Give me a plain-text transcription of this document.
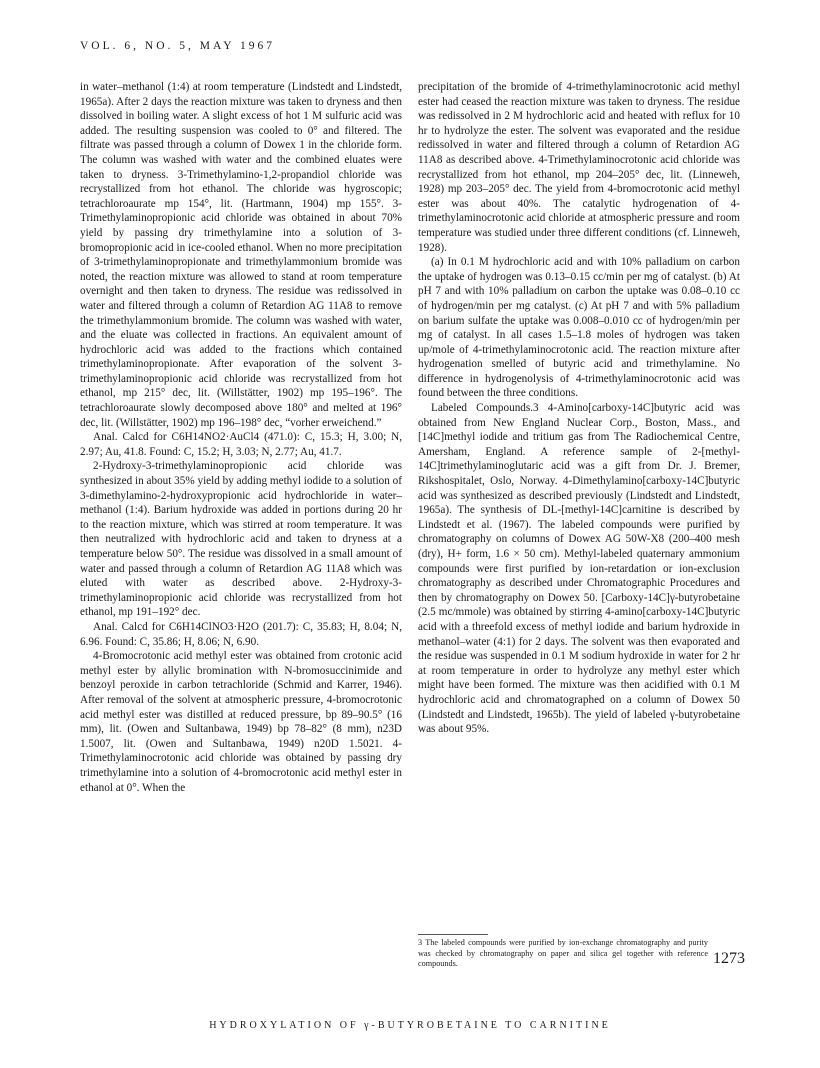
VOL. 6, NO. 5, MAY 1967

in water–methanol (1:4) at room temperature (Lindstedt and Lindstedt, 1965a). After 2 days the reaction mixture was taken to dryness and then dissolved in boiling water. A slight excess of hot 1 M sulfuric acid was added. The resulting suspension was cooled to 0° and filtered. The filtrate was passed through a column of Dowex 1 in the chloride form. The column was washed with water and the combined eluates were taken to dryness. 3-Trimethylamino-1,2-propandiol chloride was recrystallized from hot ethanol. The chloride was hygroscopic; tetrachloroaurate mp 154°, lit. (Hartmann, 1904) mp 155°. 3-Trimethylaminopropionic acid chloride was obtained in about 70% yield by passing dry trimethylamine into a solution of 3-bromopropionic acid in ice-cooled ethanol. When no more precipitation of 3-trimethylaminopropionate and trimethylammonium bromide was noted, the reaction mixture was allowed to stand at room temperature overnight and then taken to dryness. The residue was redissolved in water and filtered through a column of Retardion AG 11A8 to remove the trimethylammonium bromide. The column was washed with water, and the eluate was collected in fractions. An equivalent amount of hydrochloric acid was added to the fractions which contained trimethylaminopropionate. After evaporation of the solvent 3-trimethylaminopropionic acid chloride was recrystallized from hot ethanol, mp 215° dec, lit. (Willstätter, 1902) mp 195–196°. The tetrachloroaurate slowly decomposed above 180° and melted at 196° dec, lit. (Willstätter, 1902) mp 196–198° dec, “vorher erweichend.”

Anal. Calcd for C6H14NO2·AuCl4 (471.0): C, 15.3; H, 3.00; N, 2.97; Au, 41.8. Found: C, 15.2; H, 3.03; N, 2.77; Au, 41.7.

2-Hydroxy-3-trimethylaminopropionic acid chloride was synthesized in about 35% yield by adding methyl iodide to a solution of 3-dimethylamino-2-hydroxypropionic acid hydrochloride in water–methanol (1:4). Barium hydroxide was added in portions during 20 hr to the reaction mixture, which was stirred at room temperature. It was then neutralized with hydrochloric acid and taken to dryness at a temperature below 50°. The residue was dissolved in a small amount of water and passed through a column of Retardion AG 11A8 which was eluted with water as described above. 2-Hydroxy-3-trimethylaminopropionic acid chloride was recrystallized from hot ethanol, mp 191–192° dec.

Anal. Calcd for C6H14ClNO3·H2O (201.7): C, 35.83; H, 8.04; N, 6.96. Found: C, 35.86; H, 8.06; N, 6.90.

4-Bromocrotonic acid methyl ester was obtained from crotonic acid methyl ester by allylic bromination with N-bromosuccinimide and benzoyl peroxide in carbon tetrachloride (Schmid and Karrer, 1946). After removal of the solvent at atmospheric pressure, 4-bromocrotonic acid methyl ester was distilled at reduced pressure, bp 89–90.5° (16 mm), lit. (Owen and Sultanbawa, 1949) bp 78–82° (8 mm), n23D 1.5007, lit. (Owen and Sultanbawa, 1949) n20D 1.5021. 4-Trimethylaminocrotonic acid chloride was obtained by passing dry trimethylamine into a solution of 4-bromocrotonic acid methyl ester in ethanol at 0°. When the

precipitation of the bromide of 4-trimethylaminocrotonic acid methyl ester had ceased the reaction mixture was taken to dryness. The residue was redissolved in 2 M hydrochloric acid and heated with reflux for 10 hr to hydrolyze the ester. The solvent was evaporated and the residue redissolved in water and filtered through a column of Retardion AG 11A8 as described above. 4-Trimethylaminocrotonic acid chloride was recrystallized from hot ethanol, mp 204–205° dec, lit. (Linneweh, 1928) mp 203–205° dec. The yield from 4-bromocrotonic acid methyl ester was about 40%. The catalytic hydrogenation of 4-trimethylaminocrotonic acid chloride at atmospheric pressure and room temperature was studied under three different conditions (cf. Linneweh, 1928).

(a) In 0.1 M hydrochloric acid and with 10% palladium on carbon the uptake of hydrogen was 0.13–0.15 cc/min per mg of catalyst. (b) At pH 7 and with 10% palladium on carbon the uptake was 0.08–0.10 cc of hydrogen/min per mg catalyst. (c) At pH 7 and with 5% palladium on barium sulfate the uptake was 0.008–0.010 cc of hydrogen/min per mg of catalyst. In all cases 1.5–1.8 moles of hydrogen was taken up/mole of 4-trimethylaminocrotonic acid. The reaction mixture after hydrogenation smelled of butyric acid and trimethylamine. No difference in hydrogenolysis of 4-trimethylaminocrotonic acid was found between the three conditions.

Labeled Compounds.3 4-Amino[carboxy-14C]butyric acid was obtained from New England Nuclear Corp., Boston, Mass., and [14C]methyl iodide and tritium gas from The Radiochemical Centre, Amersham, England. A reference sample of 2-[methyl-14C]trimethylaminoglutaric acid was a gift from Dr. J. Bremer, Rikshospitalet, Oslo, Norway. 4-Dimethylamino[carboxy-14C]butyric acid was synthesized as described previously (Lindstedt and Lindstedt, 1965a). The synthesis of DL-[methyl-14C]carnitine is described by Lindstedt et al. (1967). The labeled compounds were purified by chromatography on columns of Dowex AG 50W-X8 (200–400 mesh (dry), H+ form, 1.6 × 50 cm). Methyl-labeled quaternary ammonium compounds were first purified by ion-retardation or ion-exclusion chromatography as described under Chromatographic Procedures and then by chromatography on Dowex 50. [Carboxy-14C]γ-butyrobetaine (2.5 mc/mmole) was obtained by stirring 4-amino[carboxy-14C]butyric acid with a threefold excess of methyl iodide and barium hydroxide in methanol–water (4:1) for 2 days. The solvent was then evaporated and the residue was suspended in 0.1 M sodium hydroxide in water for 2 hr at room temperature in order to hydrolyze any methyl ester which might have been formed. The mixture was then acidified with 0.1 M hydrochloric acid and chromatographed on a column of Dowex 50 (Lindstedt and Lindstedt, 1965b). The yield of labeled γ-butyrobetaine was about 95%.

3 The labeled compounds were purified by ion-exchange chromatography and purity was checked by chromatography on paper and silica gel together with reference compounds.	1273
HYDROXYLATION OF γ-BUTYROBETAINE TO CARNITINE
